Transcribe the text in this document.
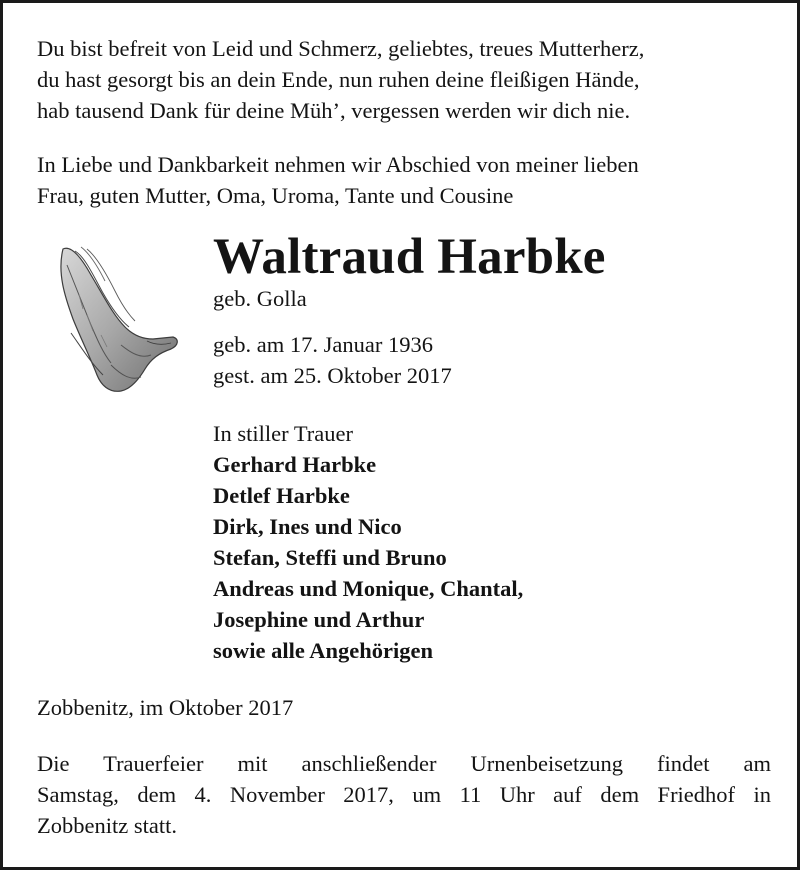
Du bist befreit von Leid und Schmerz, geliebtes, treues Mutterherz,
du hast gesorgt bis an dein Ende, nun ruhen deine fleißigen Hände,
hab tausend Dank für deine Müh’, vergessen werden wir dich nie.
In Liebe und Dankbarkeit nehmen wir Abschied von meiner lieben
Frau, guten Mutter, Oma, Uroma, Tante und Cousine
Waltraud Harbke
geb. Golla
geb. am 17. Januar 1936
gest. am 25. Oktober 2017
In stiller Trauer
Gerhard Harbke
Detlef Harbke
Dirk, Ines und Nico
Stefan, Steffi und Bruno
Andreas und Monique, Chantal,
Josephine und Arthur
sowie alle Angehörigen
Zobbenitz, im Oktober 2017
Die Trauerfeier mit anschließender Urnenbeisetzung findet am
Samstag, dem 4. November 2017, um 11 Uhr auf dem Friedhof in
Zobbenitz statt.
